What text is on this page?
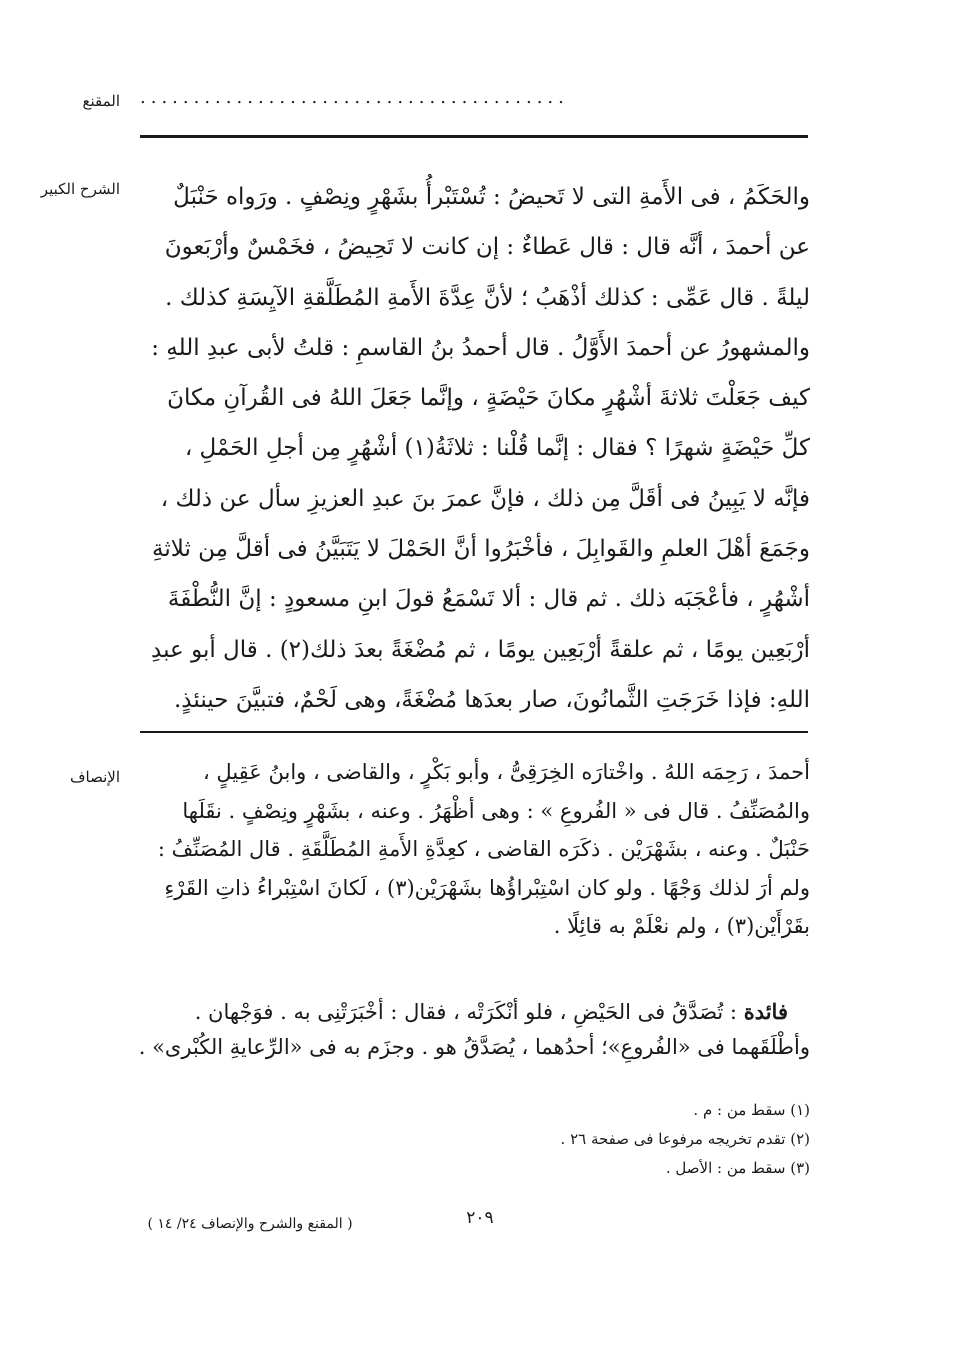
المقنع ........................................
الشرح الكبير	والحَكَمُ ، فى الأَمةِ التى لا تَحيضُ : تُسْتَبْرأُ بشَهْرٍ ونِصْفٍ . ورَواه حَنْبَلٌ
عن أحمدَ ، أنَّه قال : قال عَطاءٌ : إن كانت لا تَحِيضُ ، فخَمْسٌ وأرْبَعونَ
ليلةً . قال عَمِّى : كذلك أذْهَبُ ؛ لأنَّ عِدَّةَ الأَمةِ المُطَلَّقةِ الآيِسَةِ كذلك .
والمشهورُ عن أحمدَ الأَوَّلُ . قال أحمدُ بنُ القاسمِ : قلتُ لأبى عبدِ اللهِ :
كيف جَعَلْتَ ثلاثةَ أشْهُرٍ مكانَ حَيْضَةٍ ، وإنَّما جَعَلَ اللهُ فى القُرآنِ مكانَ
كلِّ حَيْضَةٍ شهرًا ؟ فقال : إنَّما قُلْنا : ثلاثَةُ(١) أشْهُرٍ مِن أجلِ الحَمْلِ ،
فإنَّه لا يَبِينُ فى أقَلَّ مِن ذلك ، فإنَّ عمرَ بنَ عبدِ العزيزِ سأل عن ذلك ،
وجَمَعَ أهْلَ العلمِ والقَوابِلَ ، فأخْبَرُوا أنَّ الحَمْلَ لا يَتَبَيَّنُ فى أقلَّ مِن ثلاثةِ
أشْهُرٍ ، فأعْجَبَه ذلك . ثم قال : ألا تَسْمَعُ قولَ ابنِ مسعودٍ : إنَّ النُّطْفَةَ
أرْبَعِين يومًا ، ثم علقةً أرْبَعِين يومًا ، ثم مُضْغَةً بعدَ ذلك(٢) . قال أبو عبدِ
اللهِ: فإذا خَرَجَتِ الثَّمانُونَ، صار بعدَها مُضْغَةً، وهى لَحْمٌ، فتبيَّنَ حينئذٍ.
الإنصاف	أحمدَ ، رَحِمَه اللهُ . واخْتارَه الخِرَقِىُّ ، وأبو بَكْرٍ ، والقاضى ، وابنُ عَقِيلٍ ،
والمُصَنِّفُ . قال فى « الفُروعِ » : وهى أظْهَرُ . وعنه ، بشَهْرٍ ونِصْفٍ . نقَلَها
حَنْبَلٌ . وعنه ، بشَهْرَيْن . ذكَرَه القاضى ، كعِدَّةِ الأَمةِ المُطَلَّقَةِ . قال المُصَنِّفُ :
ولم أرَ لذلك وَجْهًا . ولو كان اسْتِبْراؤُها بشَهْرَيْن(٣) ، لَكانَ اسْتِبْراءُ ذاتِ القَرْءِ
بقَرْأَيْن(٣) ، ولم نعْلَمْ به قائِلًا .
فائدة : تُصَدَّقُ فى الحَيْضِ ، فلو أنْكَرَتْه ، فقال : أخْبَرَتْنِى به . فوَجْهان .
وأطْلَقَهما فى «الفُروعِ»؛ أحدُهما ، يُصَدَّقُ هو . وجزَم به فى «الرِّعايةِ الكُبْرى» .
(١) سقط من : م .
(٢) تقدم تخريجه مرفوعا فى صفحة ٢٦ .
(٣) سقط من : الأصل .
٢٠٩
( المقنع والشرح والإنصاف ٢٤/ ١٤ )
